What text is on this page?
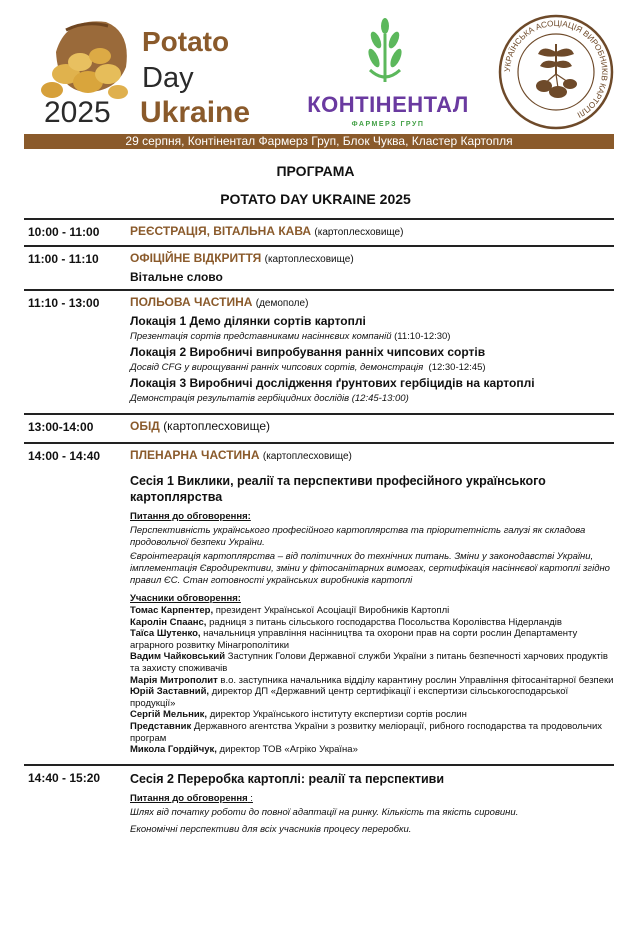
Potato
Day
2025 Ukraine	КОНТІНЕНТАЛ
ФАРМЕРЗ ГРУП
УКРАЇНСЬКА АСОЦІАЦІЯ ВИРОБНИКІВ КАРТОПЛІ
29 серпня, Контінентал Фармерз Груп, Блок Чуква, Кластер Картопля
ПРОГРАМА
POTATO DAY UKRAINE 2025
10:00 - 11:00	РЕЄСТРАЦІЯ, ВІТАЛЬНА КАВА (картоплесховище)
11:00 - 11:10	ОФІЦІЙНЕ ВІДКРИТТЯ (картоплесховище)
Вітальне слово
11:10 - 13:00	ПОЛЬОВА ЧАСТИНА (демополе)
Локація 1 Демо ділянки сортів картоплі
Презентація сортів представниками насіннєвих компаній (11:10-12:30)
Локація 2 Виробничі випробування ранніх чипсових сортів
Досвід CFG у вирощуванні ранніх чипсових сортів, демонстрація (12:30-12:45)
Локація 3 Виробничі дослідження ґрунтових гербіцидів на картоплі
Демонстрація результатів гербіцидних дослідів (12:45-13:00)
13:00-14:00	ОБІД (картоплесховище)
14:00 - 14:40 ПЛЕНАРНА ЧАСТИНА (картоплесховище)
Сесія 1 Виклики, реалії та перспективи професійного українського картоплярства
Питання до обговорення:
Перспективність українського професійного картоплярства та пріоритетність галузі як складова продовольчої безпеки України.
Євроінтеграція картоплярства – від політичних до технічних питань. Зміни у законодавстві України, імплементація Євродирективи, зміни у фітосанітарних вимогах, сертифікація насіннєвої картоплі згідно правил ЄС. Стан готовності українських виробників картоплі
Учасники обговорення:
Томас Карпентер, президент Української Асоціації Виробників Картоплі
Каролін Спаанс, радниця з питань сільського господарства Посольства Королівства Нідерландів
Таїса Шутенко, начальниця управління насінництва та охорони прав на сорти рослин Департаменту аграрного розвитку Мінагрополітики
Вадим Чайковський Заступник Голови Державної служби України з питань безпечності харчових продуктів та захисту споживачів
Марія Митрополит в.о. заступника начальника відділу карантину рослин Управління фітосанітарної безпеки
Юрій Заставний, директор ДП «Державний центр сертифікації і експертизи сільськогосподарської продукції»
Сергій Мельник, директор Українського інституту експертизи сортів рослин
Представник Державного агентства України з розвитку меліорації, рибного господарства та продовольчих програм
Микола Гордійчук, директор ТОВ «Агріко Україна»
14:40 - 15:20 Сесія 2 Переробка картоплі: реалії та перспективи
Питання до обговорення :
Шлях від початку роботи до повної адаптації на ринку. Кількість та якість сировини.
Економічні перспективи для всіх учасників процесу переробки.
